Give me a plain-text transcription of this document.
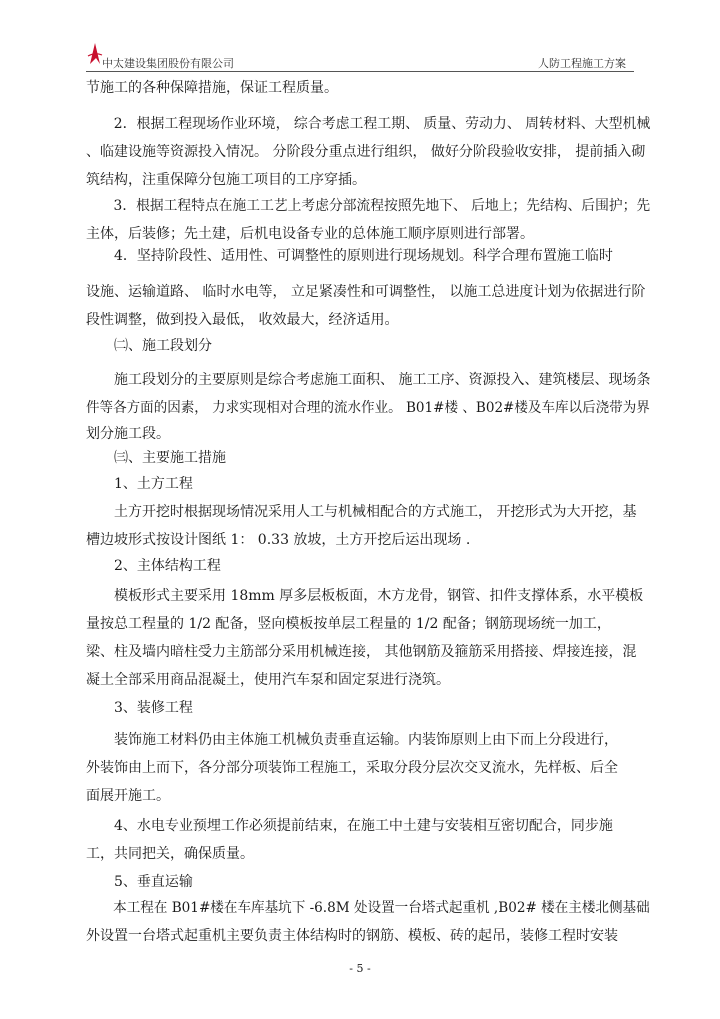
中太建设集团股份有限公司	人防工程施工方案
节施工的各种保障措施，保证工程质量。
　　2．根据工程现场作业环境， 综合考虑工程工期、 质量、劳动力、 周转材料、大型机械
、临建设施等资源投入情况。 分阶段分重点进行组织， 做好分阶段验收安排， 提前插入砌
筑结构，注重保障分包施工项目的工序穿插。
　　3．根据工程特点在施工工艺上考虑分部流程按照先地下、 后地上；先结构、后围护；先
主体，后装修；先土建，后机电设备专业的总体施工顺序原则进行部署。
　　4．坚持阶段性、适用性、可调整性的原则进行现场规划。科学合理布置施工临时
设施、运输道路、 临时水电等， 立足紧凑性和可调整性， 以施工总进度计划为依据进行阶
段性调整，做到投入最低， 收效最大，经济适用。
　　㈡、施工段划分
　　施工段划分的主要原则是综合考虑施工面积、 施工工序、资源投入、建筑楼层、现场条
件等各方面的因素， 力求实现相对合理的流水作业。 B01#楼 、B02#楼及车库以后浇带为界
划分施工段。
　　㈢、主要施工措施
　　1、土方工程
　　土方开挖时根据现场情况采用人工与机械相配合的方式施工， 开挖形式为大开挖，基
槽边坡形式按设计图纸 1： 0.33 放坡，土方开挖后运出现场 .
　　2、主体结构工程
　　模板形式主要采用 18mm 厚多层板板面，木方龙骨，钢管、扣件支撑体系，水平模板
量按总工程量的 1/2 配备，竖向模板按单层工程量的 1/2 配备；钢筋现场统一加工，
梁、柱及墙内暗柱受力主筋部分采用机械连接， 其他钢筋及箍筋采用搭接、焊接连接，混
凝土全部采用商品混凝土，使用汽车泵和固定泵进行浇筑。
　　3、装修工程
　　装饰施工材料仍由主体施工机械负责垂直运输。内装饰原则上由下而上分段进行，
外装饰由上而下，各分部分项装饰工程施工，采取分段分层次交叉流水，先样板、后全
面展开施工。
　　4、水电专业预埋工作必须提前结束，在施工中土建与安装相互密切配合，同步施
工，共同把关，确保质量。
　　5、垂直运输
　　本工程在 B01#楼在车库基坑下 -6.8M 处设置一台塔式起重机 ,B02# 楼在主楼北侧基础
外设置一台塔式起重机主要负责主体结构时的钢筋、模板、砖的起吊，装修工程时安装
- 5 -
